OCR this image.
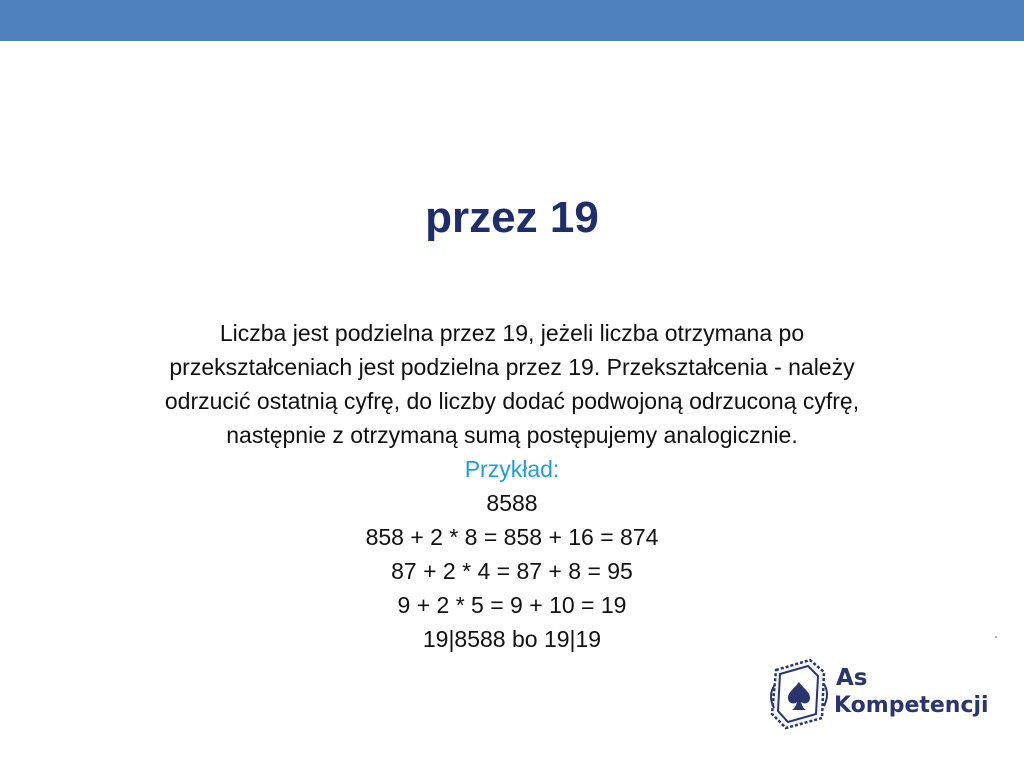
przez 19

Liczba jest podzielna przez 19, jeżeli liczba otrzymana po
przekształceniach jest podzielna przez 19. Przekształcenia - należy
odrzucić ostatnią cyfrę, do liczby dodać podwojoną odrzuconą cyfrę,
następnie z otrzymaną sumą postępujemy analogicznie.

Przykład:

8588

858 + 2 * 8 = 858 + 16 = 874

87 + 2 * 4 = 87 + 8 = 95

9 + 2 * 5 = 9 + 10 = 19

19|8588 bo 19|19

As
Kompetencji
